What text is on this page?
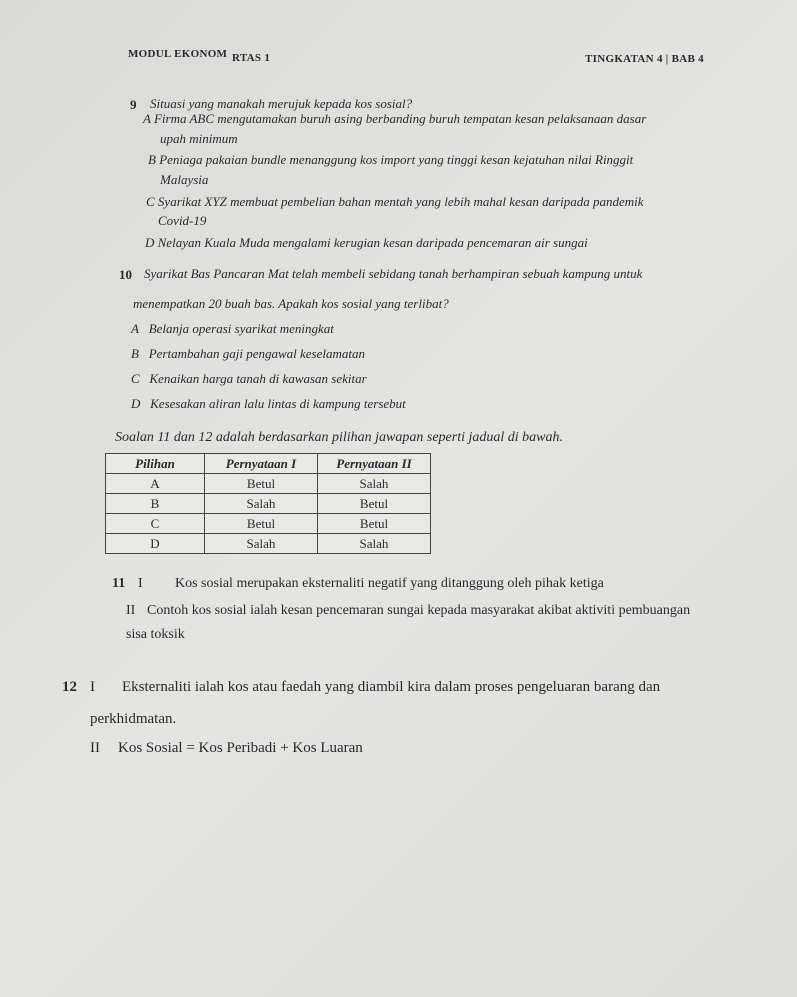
MODUL EKONOM RTAS 1	TINGKATAN 4 | BAB 4
9 Situasi yang manakah merujuk kepada kos sosial?
A Firma ABC mengutamakan buruh asing berbanding buruh tempatan kesan pelaksanaan dasar
upah minimum
B Peniaga pakaian bundle menanggung kos import yang tinggi kesan kejatuhan nilai Ringgit
Malaysia
C Syarikat XYZ membuat pembelian bahan mentah yang lebih mahal kesan daripada pandemik
Covid-19
D Nelayan Kuala Muda mengalami kerugian kesan daripada pencemaran air sungai
10 Syarikat Bas Pancaran Mat telah membeli sebidang tanah berhampiran sebuah kampung untuk
menempatkan 20 buah bas. Apakah kos sosial yang terlibat?
A Belanja operasi syarikat meningkat
B Pertambahan gaji pengawal keselamatan
C Kenaikan harga tanah di kawasan sekitar
D Kesesakan aliran lalu lintas di kampung tersebut
Soalan 11 dan 12 adalah berdasarkan pilihan jawapan seperti jadual di bawah.
Pilihan	Pernyataan I	Pernyataan II
A	Betul	Salah
B	Salah	Betul
C	Betul	Betul
D	Salah	Salah
11 I Kos sosial merupakan eksternaliti negatif yang ditanggung oleh pihak ketiga
II Contoh kos sosial ialah kesan pencemaran sungai kepada masyarakat akibat aktiviti pembuangan
sisa toksik
12 I Eksternaliti ialah kos atau faedah yang diambil kira dalam proses pengeluaran barang dan
perkhidmatan.
II Kos Sosial = Kos Peribadi + Kos Luaran
